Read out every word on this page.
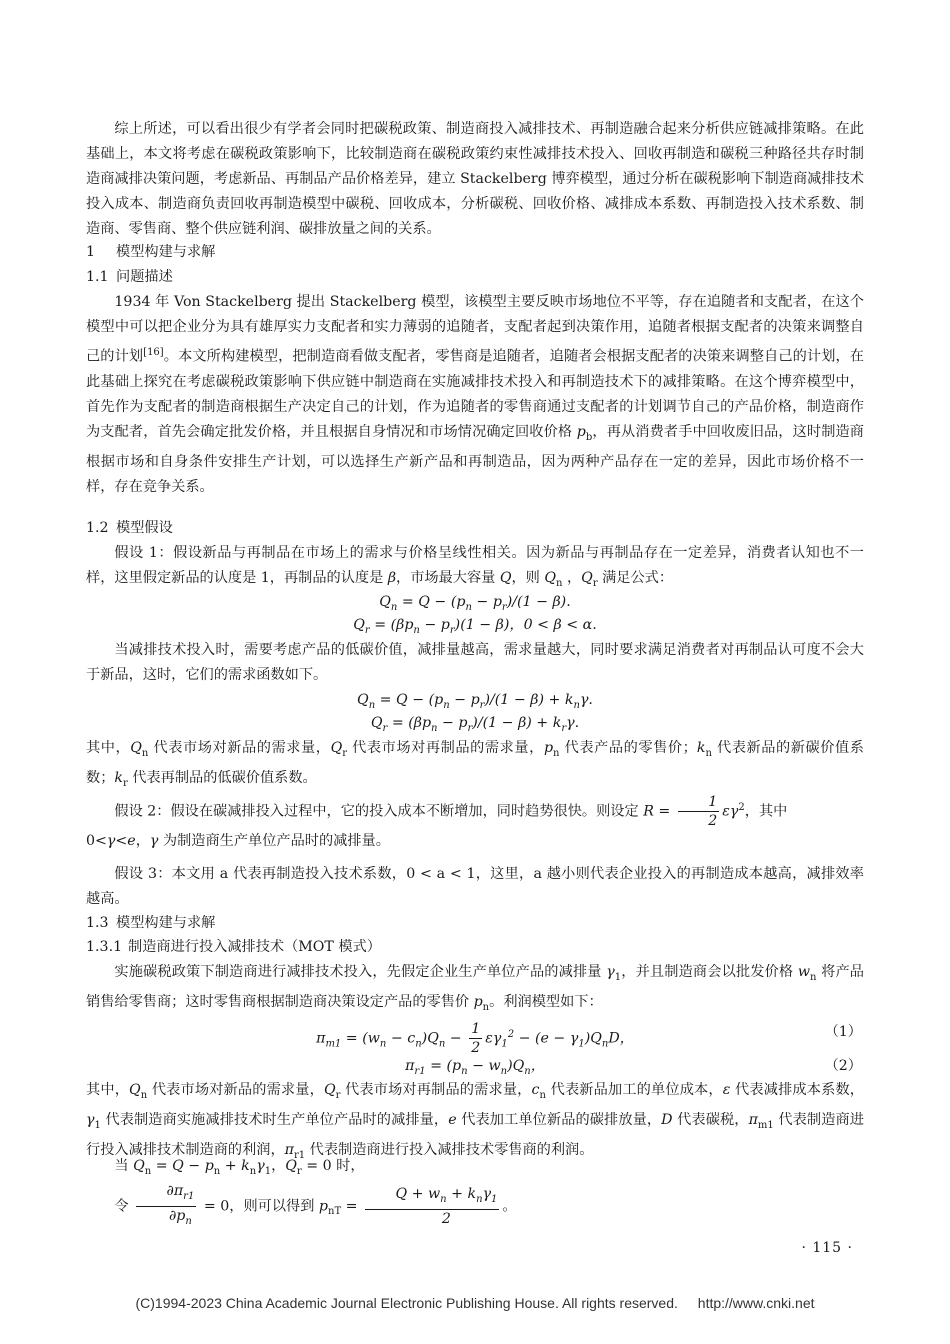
综上所述，可以看出很少有学者会同时把碳税政策、制造商投入减排技术、再制造融合起来分析供应链减排策略。在此基础上，本文将考虑在碳税政策影响下，比较制造商在碳税政策约束性减排技术投入、回收再制造和碳税三种路径共存时制造商减排决策问题，考虑新品、再制品产品价格差异，建立 Stackelberg 博弈模型，通过分析在碳税影响下制造商减排技术投入成本、制造商负责回收再制造模型中碳税、回收成本，分析碳税、回收价格、减排成本系数、再制造投入技术系数、制造商、零售商、整个供应链利润、碳排放量之间的关系。

1 模型构建与求解
1.1 问题描述

1934 年 Von Stackelberg 提出 Stackelberg 模型，该模型主要反映市场地位不平等，存在追随者和支配者，在这个模型中可以把企业分为具有雄厚实力支配者和实力薄弱的追随者，支配者起到决策作用，追随者根据支配者的决策来调整自己的计划[16]。本文所构建模型，把制造商看做支配者，零售商是追随者，追随者会根据支配者的决策来调整自己的计划，在此基础上探究在考虑碳税政策影响下供应链中制造商在实施减排技术投入和再制造技术下的减排策略。在这个博弈模型中，首先作为支配者的制造商根据生产决定自己的计划，作为追随者的零售商通过支配者的计划调节自己的产品价格，制造商作为支配者，首先会确定批发价格，并且根据自身情况和市场情况确定回收价格 $p_b$，再从消费者手中回收废旧品，这时制造商根据市场和自身条件安排生产计划，可以选择生产新产品和再制造品，因为两种产品存在一定的差异，因此市场价格不一样，存在竞争关系。

1.2 模型假设

假设 1：假设新品与再制品在市场上的需求与价格呈线性相关。因为新品与再制品存在一定差异，消费者认知也不一样，这里假定新品的认度是 1，再制品的认度是 β，市场最大容量 Q，则 $Q_n$ ，$Q_r$ 满足公式：

$Q_n = Q - (p_n - p_r)/(1 - \beta)$.
$Q_r = (\beta p_n - p_r)(1 - \beta)$，0 < β < α.

当减排技术投入时，需要考虑产品的低碳价值，减排量越高，需求量越大，同时要求满足消费者对再制品认可度不会大于新品，这时，它们的需求函数如下。

$Q_n = Q - (p_n - p_r)/(1 - \beta) + k_n\gamma$.
$Q_r = (\beta p_n - p_r)/(1 - \beta) + k_r\gamma$.

其中，$Q_n$ 代表市场对新品的需求量，$Q_r$ 代表市场对再制品的需求量，$p_n$ 代表产品的零售价；$k_n$ 代表新品的新碳价值系数；$k_r$ 代表再制品的低碳价值系数。

假设 2：假设在碳减排投入过程中，它的投入成本不断增加，同时趋势很快。则设定 $R = \frac{1}{2} \varepsilon\gamma^2$，其中

0<γ<e，γ 为制造商生产单位产品时的减排量。

假设 3：本文用 a 代表再制造投入技术系数，0 < a < 1，这里，a 越小则代表企业投入的再制造成本越高，减排效率越高。

1.3 模型构建与求解
1.3.1 制造商进行投入减排技术（MOT 模式）

实施碳税政策下制造商进行减排技术投入，先假定企业生产单位产品的减排量 $\gamma_1$，并且制造商会以批发价格 $w_n$ 将产品销售给零售商；这时零售商根据制造商决策设定产品的零售价 $p_n$。利润模型如下：

$\pi_{m1} = (w_n - c_n)Q_n - \frac{1}{2} \varepsilon\gamma_1^2 - (e - \gamma_1)Q_nD$，	（1）
$\pi_{r1} = (p_n - w_n)Q_n$，	（2）

其中，$Q_n$ 代表市场对新品的需求量，$Q_r$ 代表市场对再制品的需求量，$c_n$ 代表新品加工的单位成本，ε 代表减排成本系数，$\gamma_1$ 代表制造商实施减排技术时生产单位产品时的减排量，e 代表加工单位新品的碳排放量，D 代表碳税，$\pi_{m1}$ 代表制造商进行投入减排技术制造商的利润，$\pi_{r1}$ 代表制造商进行投入减排技术零售商的利润。

当 $Q_n = Q - p_n + k_n\gamma_1$，$Q_r = 0$ 时，

令 $\frac{\partial\pi_{r1}}{\partial p_n} = 0$，则可以得到 $p_{nT} = \frac{Q + w_n + k_n\gamma_1}{2}$ 。

· 115 ·
(C)1994-2023 China Academic Journal Electronic Publishing House. All rights reserved. http://www.cnki.net
